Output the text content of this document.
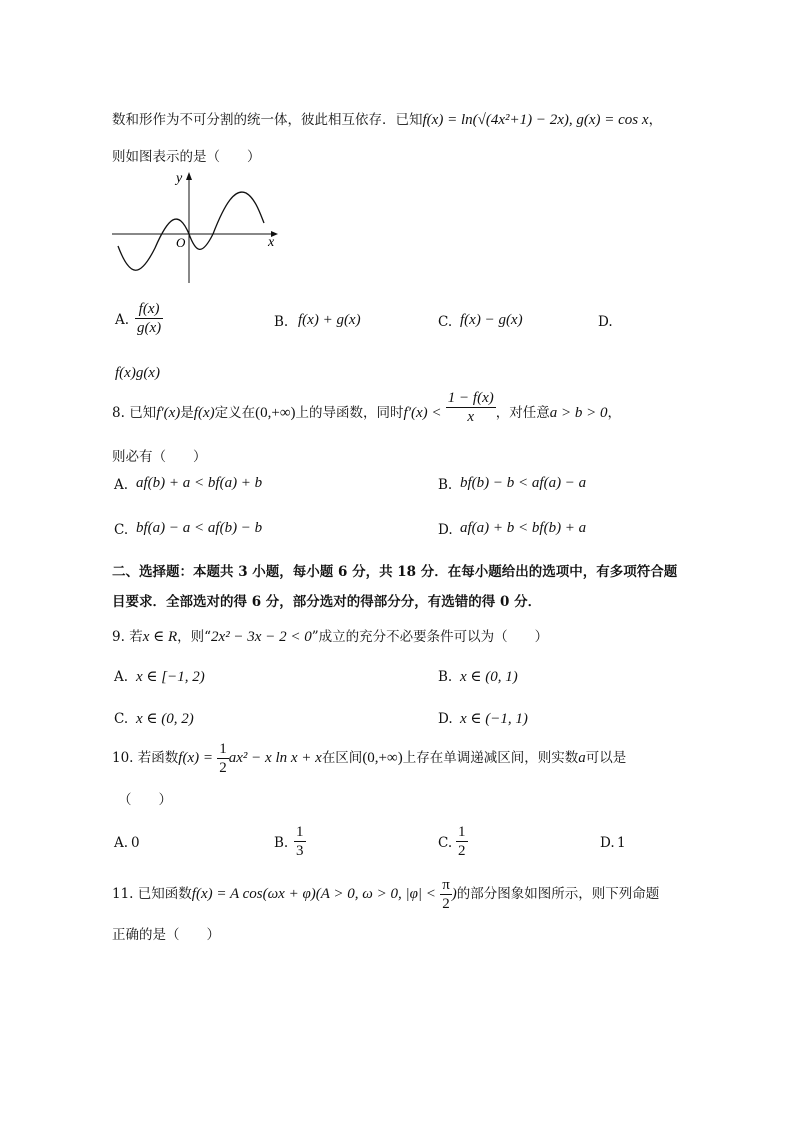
数和形作为不可分割的统一体，彼此相互依存．已知f(x) = ln(√(4x²+1) − 2x), g(x) = cos x，
则如图表示的是（　　）
y
x
O
A. $\frac{f(x)}{g(x)}$	B. f(x) + g(x)	C. f(x) − g(x)	D.
f(x)g(x)
8. 已知f′(x)是f(x)定义在(0,+∞)上的导函数，同时$f'(x) < \frac{1 - f(x)}{x}$ ，对任意a > b > 0，
则必有（　　）
A. af(b) + a < bf(a) + b	B. bf(b) − b < af(a) − a
C. bf(a) − a < af(b) − b	D. af(a) + b < bf(b) + a
二、选择题：本题共 3 小题，每小题 6 分，共 18 分．在每小题给出的选项中，有多项符合题
目要求．全部选对的得 6 分，部分选对的得部分分，有选错的得 0 分．
9. 若x ∈ R，则“2x² − 3x − 2 < 0”成立的充分不必要条件可以为（　　）
A. x ∈ [−1, 2)	B. x ∈ (0, 1)
C. x ∈ (0, 2)	D. x ∈ (−1, 1)
10. 若函数$f(x) = \frac{1}{2} ax^2 - x$ ln x + x在区间(0,+∞)上存在单调递减区间，则实数a可以是
（　　）
A. 0	B. $\frac{1}{3}$	C. $\frac{1}{2}$	D. 1
11. 已知函数f(x) = A cos(ωx + φ)(A > 0, ω > 0, $|\varphi| < \frac{\pi}{2}$ )的部分图象如图所示，则下列命题
正确的是（　　）
